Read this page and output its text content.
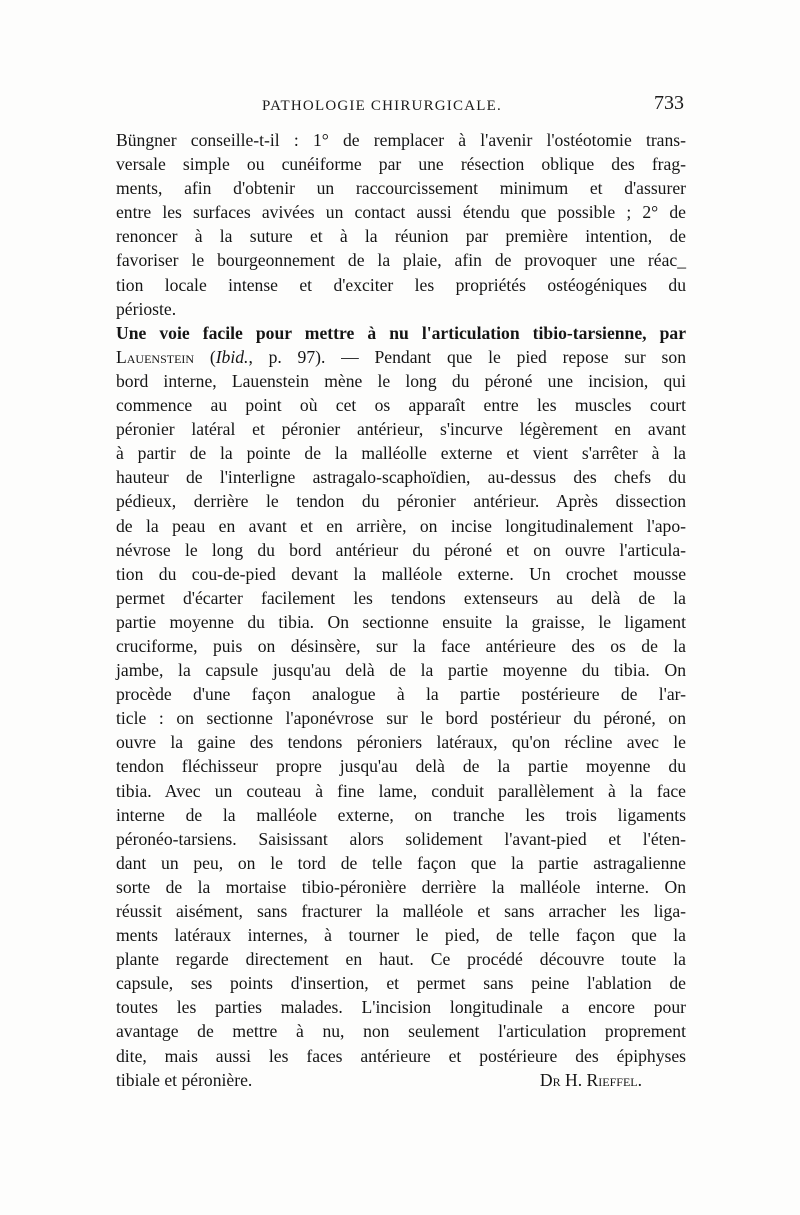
PATHOLOGIE CHIRURGICALE.	733
Büngner conseille-t-il : 1° de remplacer à l'avenir l'ostéotomie trans-
versale simple ou cunéiforme par une résection oblique des frag-
ments, afin d'obtenir un raccourcissement minimum et d'assurer
entre les surfaces avivées un contact aussi étendu que possible ; 2° de
renoncer à la suture et à la réunion par première intention, de
favoriser le bourgeonnement de la plaie, afin de provoquer une réac_
tion locale intense et d'exciter les propriétés ostéogéniques du
périoste.
Une voie facile pour mettre à nu l'articulation tibio-tarsienne, par
Lauenstein (Ibid., p. 97). — Pendant que le pied repose sur son
bord interne, Lauenstein mène le long du péroné une incision, qui
commence au point où cet os apparaît entre les muscles court
péronier latéral et péronier antérieur, s'incurve légèrement en avant
à partir de la pointe de la malléolle externe et vient s'arrêter à la
hauteur de l'interligne astragalo-scaphoïdien, au-dessus des chefs du
pédieux, derrière le tendon du péronier antérieur. Après dissection
de la peau en avant et en arrière, on incise longitudinalement l'apo-
névrose le long du bord antérieur du péroné et on ouvre l'articula-
tion du cou-de-pied devant la malléole externe. Un crochet mousse
permet d'écarter facilement les tendons extenseurs au delà de la
partie moyenne du tibia. On sectionne ensuite la graisse, le ligament
cruciforme, puis on désinsère, sur la face antérieure des os de la
jambe, la capsule jusqu'au delà de la partie moyenne du tibia. On
procède d'une façon analogue à la partie postérieure de l'ar-
ticle : on sectionne l'aponévrose sur le bord postérieur du péroné, on
ouvre la gaine des tendons péroniers latéraux, qu'on récline avec le
tendon fléchisseur propre jusqu'au delà de la partie moyenne du
tibia. Avec un couteau à fine lame, conduit parallèlement à la face
interne de la malléole externe, on tranche les trois ligaments
péronéo-tarsiens. Saisissant alors solidement l'avant-pied et l'éten-
dant un peu, on le tord de telle façon que la partie astragalienne
sorte de la mortaise tibio-péronière derrière la malléole interne. On
réussit aisément, sans fracturer la malléole et sans arracher les liga-
ments latéraux internes, à tourner le pied, de telle façon que la
plante regarde directement en haut. Ce procédé découvre toute la
capsule, ses points d'insertion, et permet sans peine l'ablation de
toutes les parties malades. L'incision longitudinale a encore pour
avantage de mettre à nu, non seulement l'articulation proprement
dite, mais aussi les faces antérieure et postérieure des épiphyses
tibiale et péronière.	Dr H. Rieffel.
